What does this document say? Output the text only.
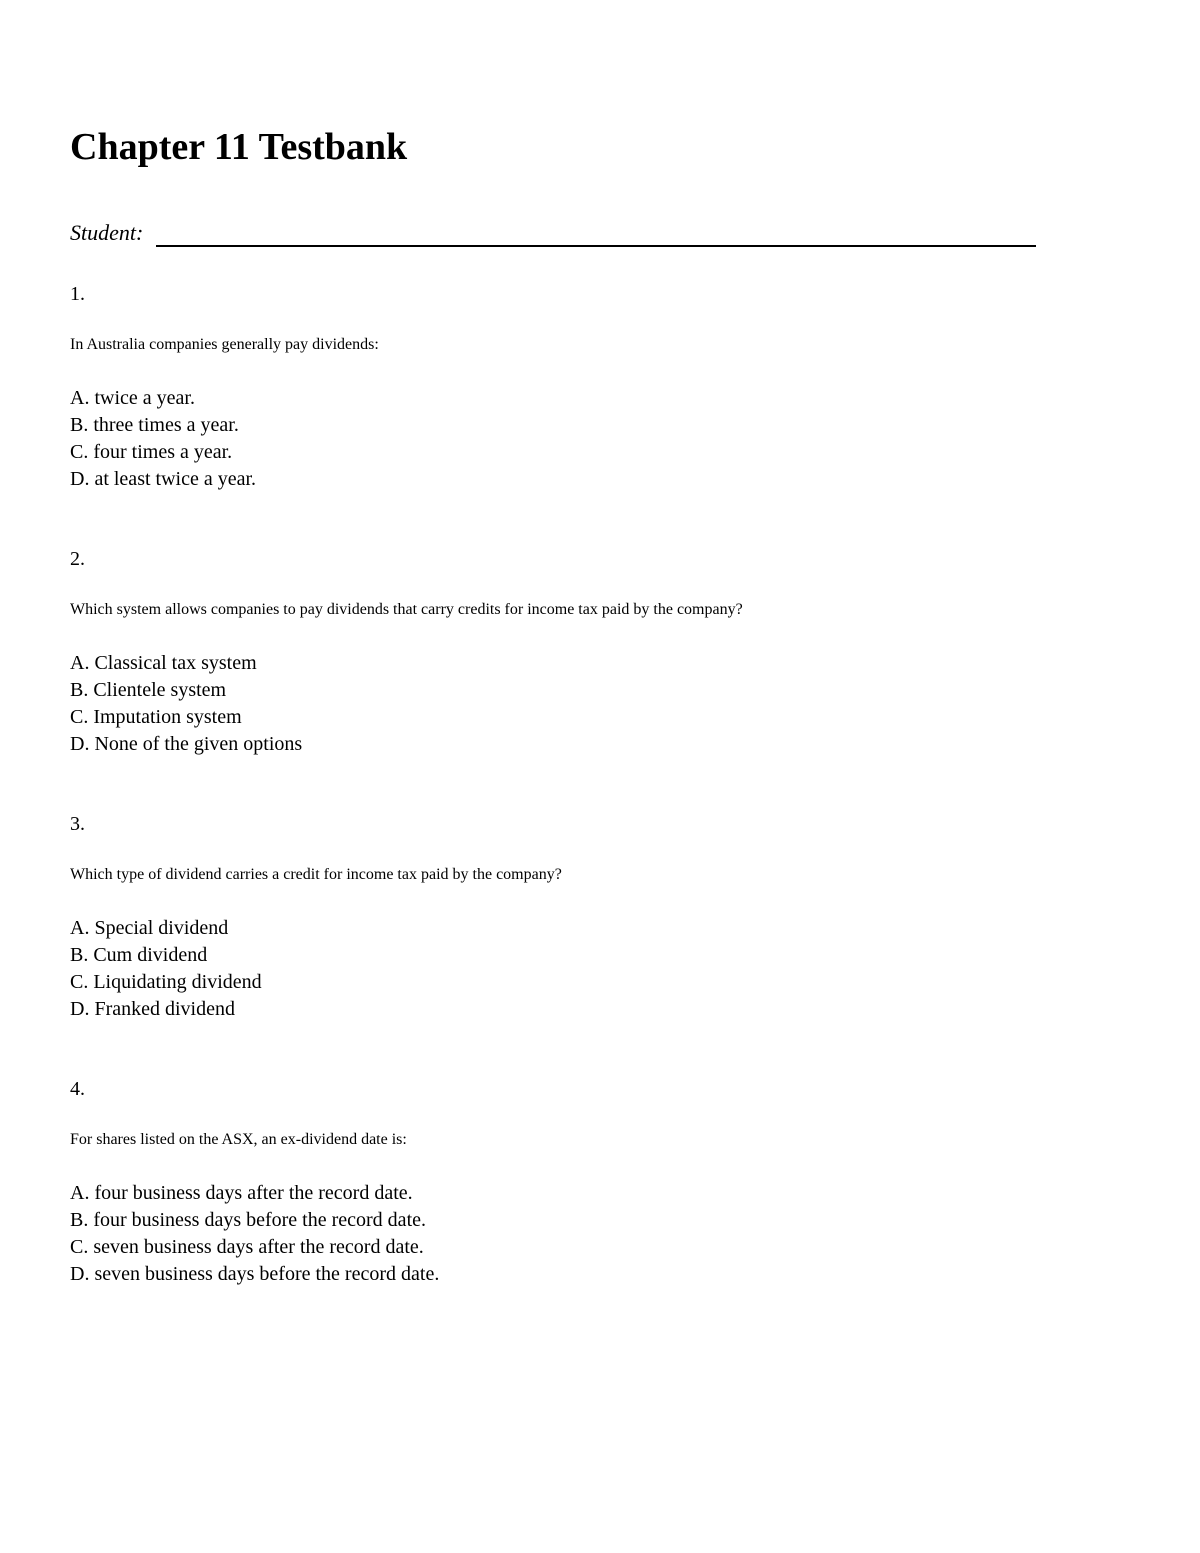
Chapter 11 Testbank
Student:
1.
In Australia companies generally pay dividends:
A. twice a year.
B. three times a year.
C. four times a year.
D. at least twice a year.
2.
Which system allows companies to pay dividends that carry credits for income tax paid by the company?
A. Classical tax system
B. Clientele system
C. Imputation system
D. None of the given options
3.
Which type of dividend carries a credit for income tax paid by the company?
A. Special dividend
B. Cum dividend
C. Liquidating dividend
D. Franked dividend
4.
For shares listed on the ASX, an ex-dividend date is:
A. four business days after the record date.
B. four business days before the record date.
C. seven business days after the record date.
D. seven business days before the record date.
